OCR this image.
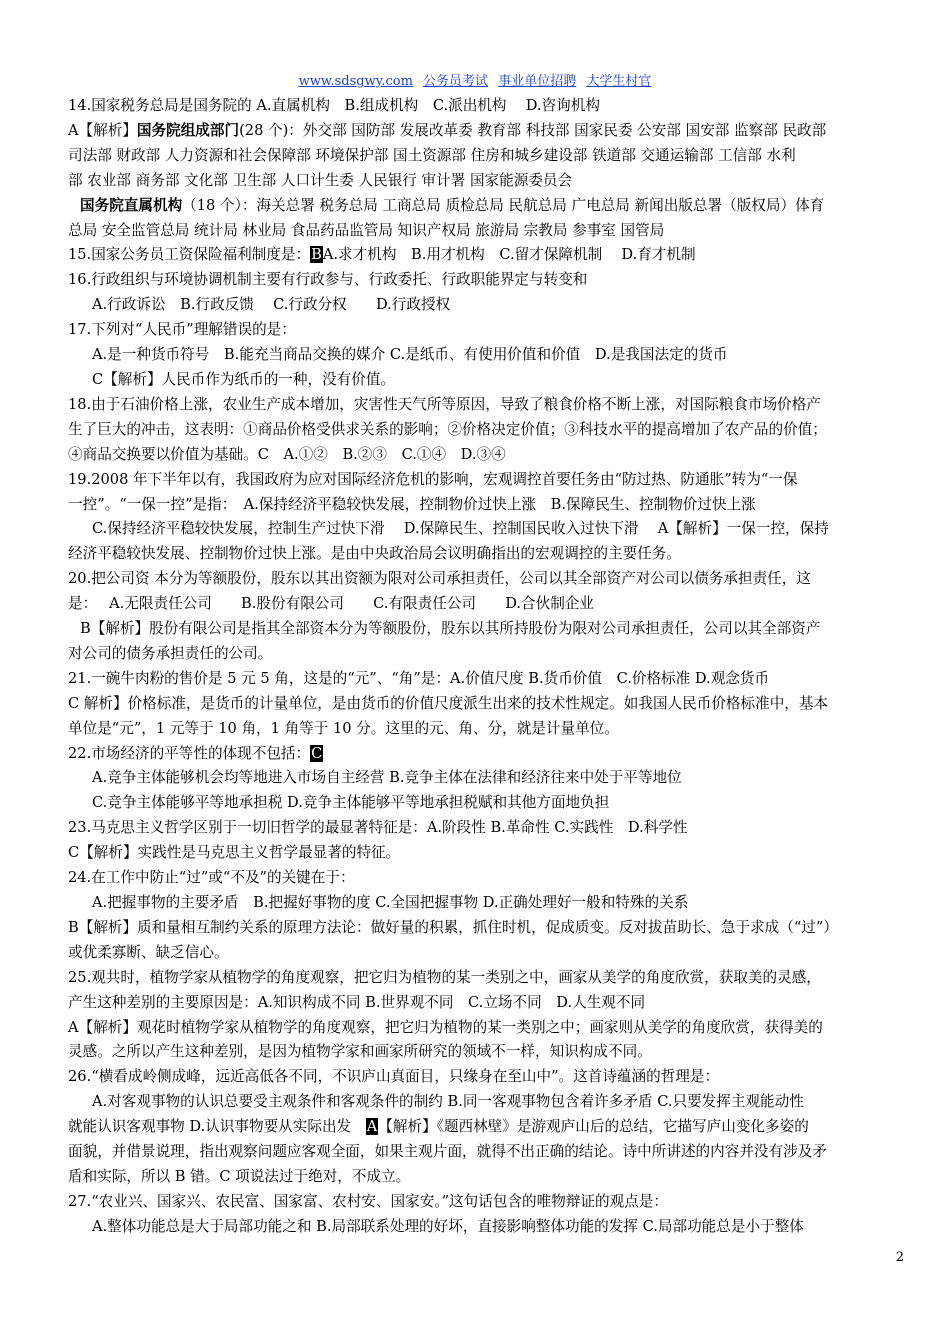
www.sdsgwy.com 公务员考试 事业单位招聘 大学生村官

14.国家税务总局是国务院的 A.直属机构　B.组成机构　C.派出机构　 D.咨询机构

A【解析】国务院组成部门(28 个)：外交部 国防部 发展改革委 教育部 科技部 国家民委 公安部 国安部 监察部 民政部

司法部 财政部 人力资源和社会保障部 环境保护部 国土资源部 住房和城乡建设部 铁道部 交通运输部 工信部 水利

部 农业部 商务部 文化部 卫生部 人口计生委 人民银行 审计署 国家能源委员会

国务院直属机构（18 个）：海关总署 税务总局 工商总局 质检总局 民航总局 广电总局 新闻出版总署（版权局）体育

总局 安全监管总局 统计局 林业局 食品药品监管局 知识产权局 旅游局 宗教局 参事室 国管局

15.国家公务员工资保险福利制度是：BA.求才机构　B.用才机构　C.留才保障机制　 D.育才机制

16.行政组织与环境协调机制主要有行政参与、行政委托、行政职能界定与转变和

A.行政诉讼　B.行政反馈　 C.行政分权　　D.行政授权

17.下列对“人民币”理解错误的是：

A.是一种货币符号　B.能充当商品交换的媒介 C.是纸币、有使用价值和价值　D.是我国法定的货币

C【解析】人民币作为纸币的一种，没有价值。

18.由于石油价格上涨，农业生产成本增加，灾害性天气所等原因，导致了粮食价格不断上涨，对国际粮食市场价格产

生了巨大的冲击，这表明：①商品价格受供求关系的影响；②价格决定价值；③科技水平的提高增加了农产品的价值；

④商品交换要以价值为基础。C　A.①②　B.②③　C.①④　D.③④

19.2008 年下半年以有，我国政府为应对国际经济危机的影响，宏观调控首要任务由“防过热、防通胀”转为“一保

一控”。“一保一控”是指：　A.保持经济平稳较快发展，控制物价过快上涨　B.保障民生、控制物价过快上涨

C.保持经济平稳较快发展，控制生产过快下滑　 D.保障民生、控制国民收入过快下滑　 A【解析】一保一控，保持

经济平稳较快发展、控制物价过快上涨。是由中央政治局会议明确指出的宏观调控的主要任务。

20.把公司资 本分为等额股份，股东以其出资额为限对公司承担责任，公司以其全部资产对公司以债务承担责任，这

是：　 A.无限责任公司　　B.股份有限公司　　C.有限责任公司　　D.合伙制企业

B【解析】股份有限公司是指其全部资本分为等额股份，股东以其所持股份为限对公司承担责任，公司以其全部资产

对公司的债务承担责任的公司。

21.一碗牛肉粉的售价是 5 元 5 角，这是的“元”、“角”是：A.价值尺度 B.货币价值　C.价格标准 D.观念货币

C 解析】价格标准，是货币的计量单位，是由货币的价值尺度派生出来的技术性规定。如我国人民币价格标准中，基本

单位是“元”，1 元等于 10 角，1 角等于 10 分。这里的元、角、分，就是计量单位。

22.市场经济的平等性的体现不包括：C

A.竞争主体能够机会均等地进入市场自主经营 B.竞争主体在法律和经济往来中处于平等地位

C.竞争主体能够平等地承担税 D.竞争主体能够平等地承担税赋和其他方面地负担

23.马克思主义哲学区别于一切旧哲学的最显著特征是：A.阶段性 B.革命性 C.实践性　D.科学性

C【解析】实践性是马克思主义哲学最显著的特征。

24.在工作中防止“过”或“不及”的关键在于：

A.把握事物的主要矛盾　B.把握好事物的度 C.全国把握事物 D.正确处理好一般和特殊的关系

B【解析】质和量相互制约关系的原理方法论：做好量的积累，抓住时机，促成质变。反对拔苗助长、急于求成（“过”）

或优柔寡断、缺乏信心。

25.观共时，植物学家从植物学的角度观察，把它归为植物的某一类别之中，画家从美学的角度欣赏，获取美的灵感，

产生这种差别的主要原因是：A.知识构成不同 B.世界观不同　C.立场不同　D.人生观不同

A【解析】观花时植物学家从植物学的角度观察，把它归为植物的某一类别之中；画家则从美学的角度欣赏，获得美的

灵感。之所以产生这种差别，是因为植物学家和画家所研究的领域不一样，知识构成不同。

26.“横看成岭侧成峰，远近高低各不同，不识庐山真面目，只缘身在至山中”。这首诗蕴涵的哲理是：

A.对客观事物的认识总要受主观条件和客观条件的制约 B.同一客观事物包含着许多矛盾 C.只要发挥主观能动性

就能认识客观事物 D.认识事物要从实际出发　A【解析】《题西林壁》是游观庐山后的总结，它描写庐山变化多姿的

面貌，并借景说理，指出观察问题应客观全面，如果主观片面，就得不出正确的结论。诗中所讲述的内容并没有涉及矛

盾和实际，所以 B 错。C 项说法过于绝对，不成立。

27.“农业兴、国家兴、农民富、国家富、农村安、国家安。”这句话包含的唯物辩证的观点是：

A.整体功能总是大于局部功能之和 B.局部联系处理的好坏，直接影响整体功能的发挥 C.局部功能总是小于整体

2
